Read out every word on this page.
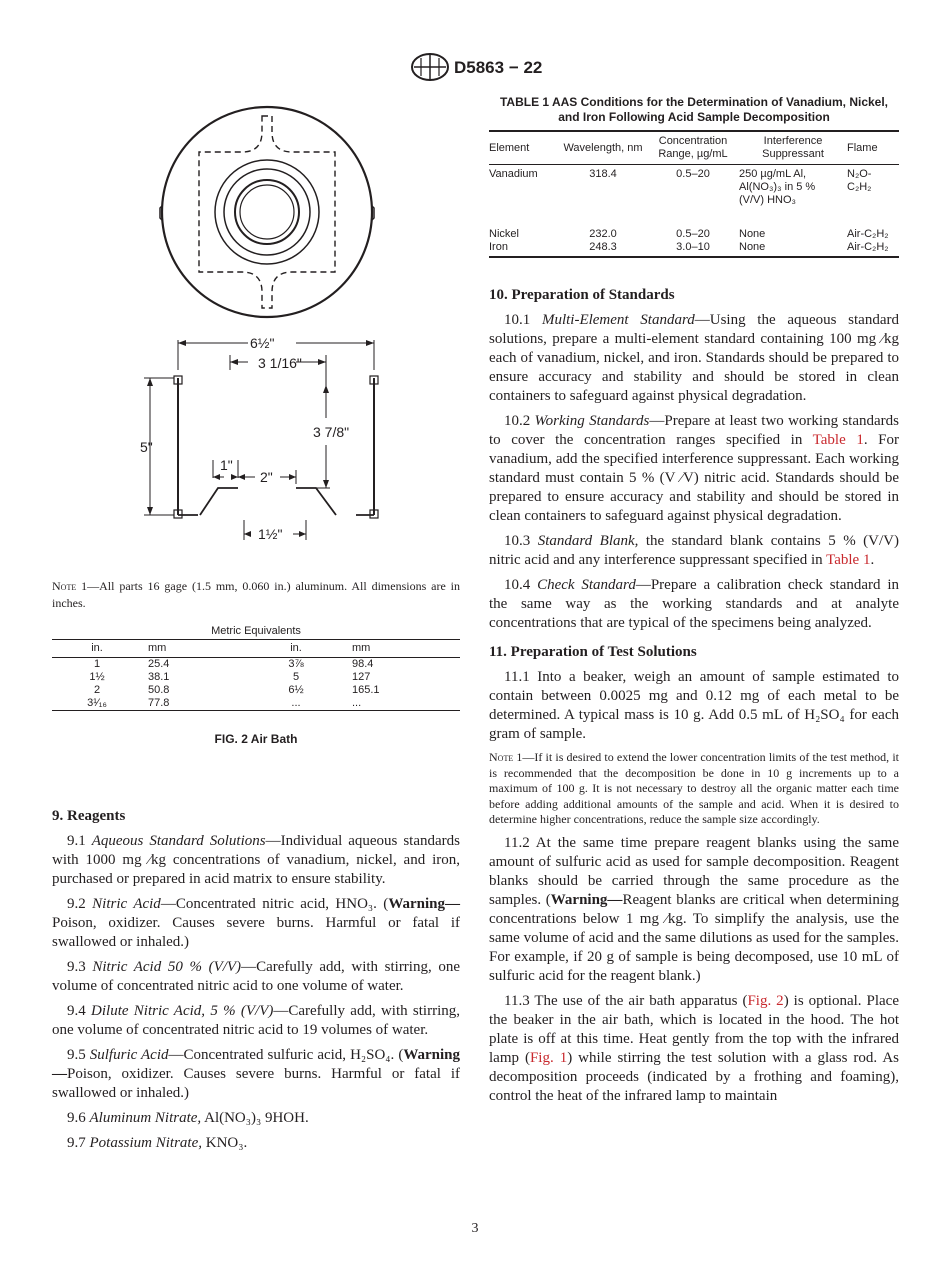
D5863 − 22
6½"
3 1/16"
5"
3 7/8"
1"
2"
1½"
Note 1—All parts 16 gage (1.5 mm, 0.060 in.) aluminum. All dimensions are in inches.
Metric Equivalents
in.	mm	in.	mm
1	25.4	3⅞	98.4
1½	38.1	5	127
2	50.8	6½	165.1
3¹⁄₁₆	77.8	...	...
FIG. 2 Air Bath
9. Reagents

9.1 Aqueous Standard Solutions—Individual aqueous standards with 1000 mg ⁄kg concentrations of vanadium, nickel, and iron, purchased or prepared in acid matrix to ensure stability.

9.2 Nitric Acid—Concentrated nitric acid, HNO₃. (Warning—Poison, oxidizer. Causes severe burns. Harmful or fatal if swallowed or inhaled.)

9.3 Nitric Acid 50 % (V/V)—Carefully add, with stirring, one volume of concentrated nitric acid to one volume of water.

9.4 Dilute Nitric Acid, 5 % (V/V)—Carefully add, with stirring, one volume of concentrated nitric acid to 19 volumes of water.

9.5 Sulfuric Acid—Concentrated sulfuric acid, H₂SO₄. (Warning—Poison, oxidizer. Causes severe burns. Harmful or fatal if swallowed or inhaled.)

9.6 Aluminum Nitrate, Al(NO₃)₃ 9HOH.

9.7 Potassium Nitrate, KNO₃.

TABLE 1 AAS Conditions for the Determination of Vanadium, Nickel, and Iron Following Acid Sample Decomposition
Element	Wavelength, nm	Concentration Range, µg/mL	Interference Suppressant	Flame
Vanadium	318.4	0.5–20	250 µg/mL Al, Al(NO₃)₃ in 5 % (V/V) HNO₃	N₂O-C₂H₂
Nickel	232.0	0.5–20	None	Air-C₂H₂
Iron	248.3	3.0–10	None	Air-C₂H₂
10. Preparation of Standards

10.1 Multi-Element Standard—Using the aqueous standard solutions, prepare a multi-element standard containing 100 mg ⁄kg each of vanadium, nickel, and iron. Standards should be prepared to ensure accuracy and stability and should be stored in clean containers to safeguard against physical degradation.

10.2 Working Standards—Prepare at least two working standards to cover the concentration ranges specified in Table 1. For vanadium, add the specified interference suppressant. Each working standard must contain 5 % (V ⁄V) nitric acid. Standards should be prepared to ensure accuracy and stability and should be stored in clean containers to safeguard against physical degradation.

10.3 Standard Blank, the standard blank contains 5 % (V/V) nitric acid and any interference suppressant specified in Table 1.

10.4 Check Standard—Prepare a calibration check standard in the same way as the working standards and at analyte concentrations that are typical of the specimens being analyzed.

11. Preparation of Test Solutions

11.1 Into a beaker, weigh an amount of sample estimated to contain between 0.0025 mg and 0.12 mg of each metal to be determined. A typical mass is 10 g. Add 0.5 mL of H₂SO₄ for each gram of sample.

Note 1—If it is desired to extend the lower concentration limits of the test method, it is recommended that the decomposition be done in 10 g increments up to a maximum of 100 g. It is not necessary to destroy all the organic matter each time before adding additional amounts of the sample and acid. When it is desired to determine higher concentrations, reduce the sample size accordingly.

11.2 At the same time prepare reagent blanks using the same amount of sulfuric acid as used for sample decomposition. Reagent blanks should be carried through the same procedure as the samples. (Warning—Reagent blanks are critical when determining concentrations below 1 mg ⁄kg. To simplify the analysis, use the same volume of acid and the same dilutions as used for the samples. For example, if 20 g of sample is being decomposed, use 10 mL of sulfuric acid for the reagent blank.)

11.3 The use of the air bath apparatus (Fig. 2) is optional. Place the beaker in the air bath, which is located in the hood. The hot plate is off at this time. Heat gently from the top with the infrared lamp (Fig. 1) while stirring the test solution with a glass rod. As decomposition proceeds (indicated by a frothing and foaming), control the heat of the infrared lamp to maintain

3
